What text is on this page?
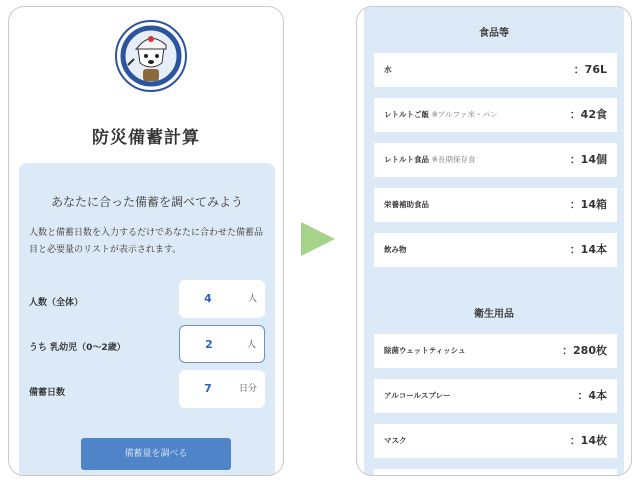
防災備蓄計算
あなたに合った備蓄を調べてみよう
人数と備蓄日数を入力するだけであなたに合わせた備蓄品目と必要量のリストが表示されます。
人数（全体）	4	人
うち 乳幼児（0〜2歳）	2	人
備蓄日数	7	日分
備蓄量を調べる
食品等
水	：76L
レトルトご飯 ※アルファ米・パン	：42食
レトルト食品 ※長期保存食	：14個
栄養補助食品	：14箱
飲み物	：14本
衛生用品
除菌ウェットティッシュ	：280枚
アルコールスプレー	：4本
マスク	：14枚
